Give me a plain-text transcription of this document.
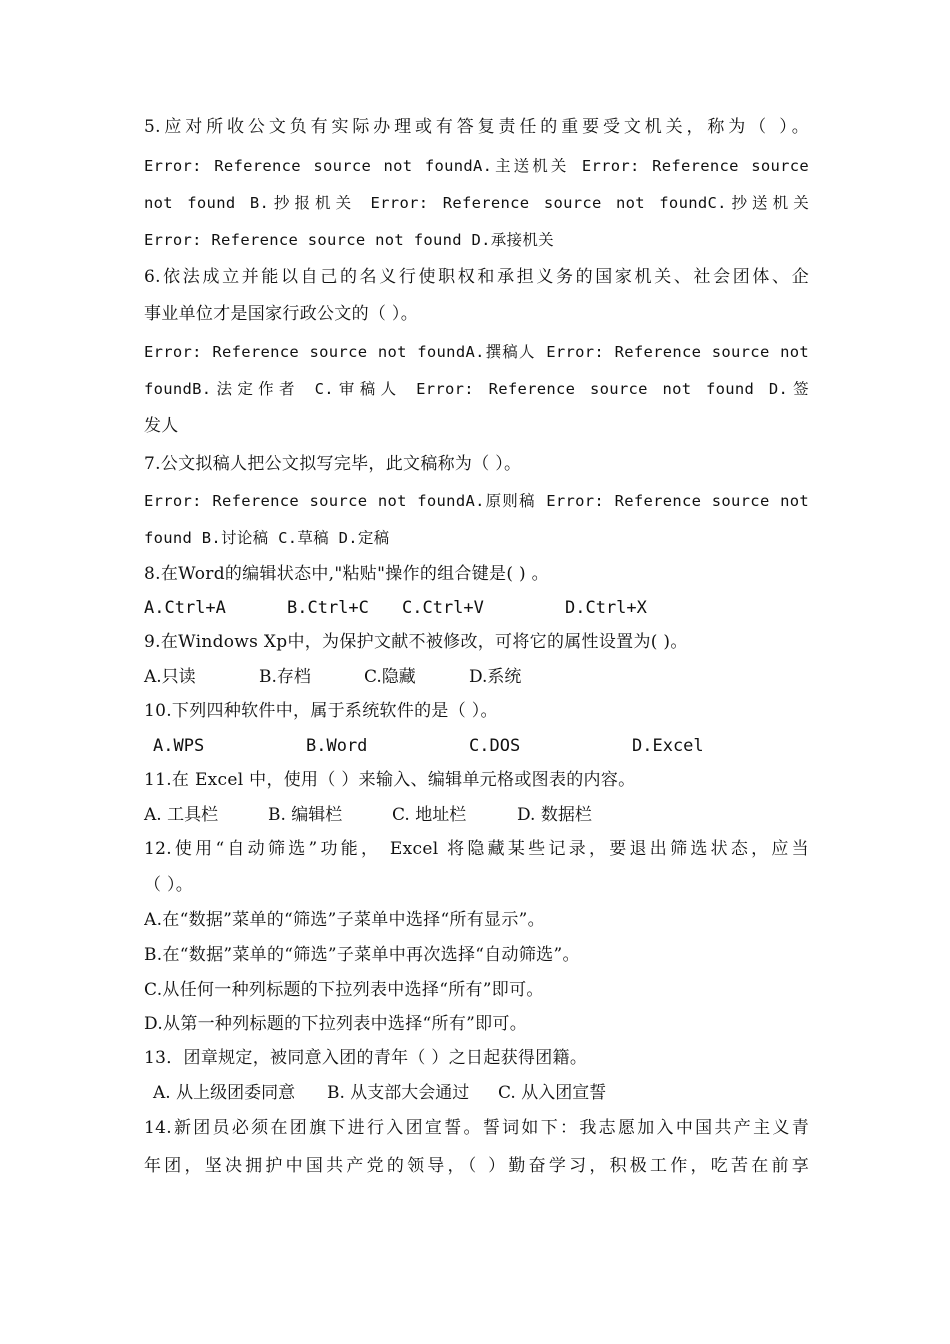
5.应对所收公文负有实际办理或有答复责任的重要受文机关，称为（ ）。
Error: Reference source not foundA.主送机关 Error: Reference source
not found B.抄报机关 Error: Reference source not foundC.抄送机关
Error: Reference source not found D.承接机关
6.依法成立并能以自己的名义行使职权和承担义务的国家机关、社会团体、企
事业单位才是国家行政公文的（ ）。
Error: Reference source not foundA.撰稿人 Error: Reference source not
foundB.法定作者 C.审稿人 Error: Reference source not found D.签
发人
7.公文拟稿人把公文拟写完毕，此文稿称为（ ）。
Error: Reference source not foundA.原则稿 Error: Reference source not
found B.讨论稿 C.草稿 D.定稿
8.在Word的编辑状态中,"粘贴"操作的组合键是( ) 。
A.Ctrl+A	B.Ctrl+C C.Ctrl+V	D.Ctrl+X
9.在Windows Xp中，为保护文献不被修改，可将它的属性设置为( )。
A.只读	B.存档	C.隐藏	D.系统
10.下列四种软件中，属于系统软件的是（ ）。
A.WPS	B.Word	C.DOS	D.Excel
11.在 Excel 中，使用（ ）来输入、编辑单元格或图表的内容。
A. 工具栏	B. 编辑栏	C. 地址栏	D. 数据栏
12.使用“自动筛选”功能， Excel 将隐藏某些记录，要退出筛选状态，应当
（ ）。
A.在“数据”菜单的“筛选”子菜单中选择“所有显示”。
B.在“数据”菜单的“筛选”子菜单中再次选择“自动筛选”。
C.从任何一种列标题的下拉列表中选择“所有”即可。
D.从第一种列标题的下拉列表中选择“所有”即可。
13．团章规定，被同意入团的青年（ ）之日起获得团籍。
A. 从上级团委同意 B. 从支部大会通过 C. 从入团宣誓
14.新团员必须在团旗下进行入团宣誓。誓词如下：我志愿加入中国共产主义青
年团，坚决拥护中国共产党的领导，（ ）勤奋学习，积极工作，吃苦在前享
